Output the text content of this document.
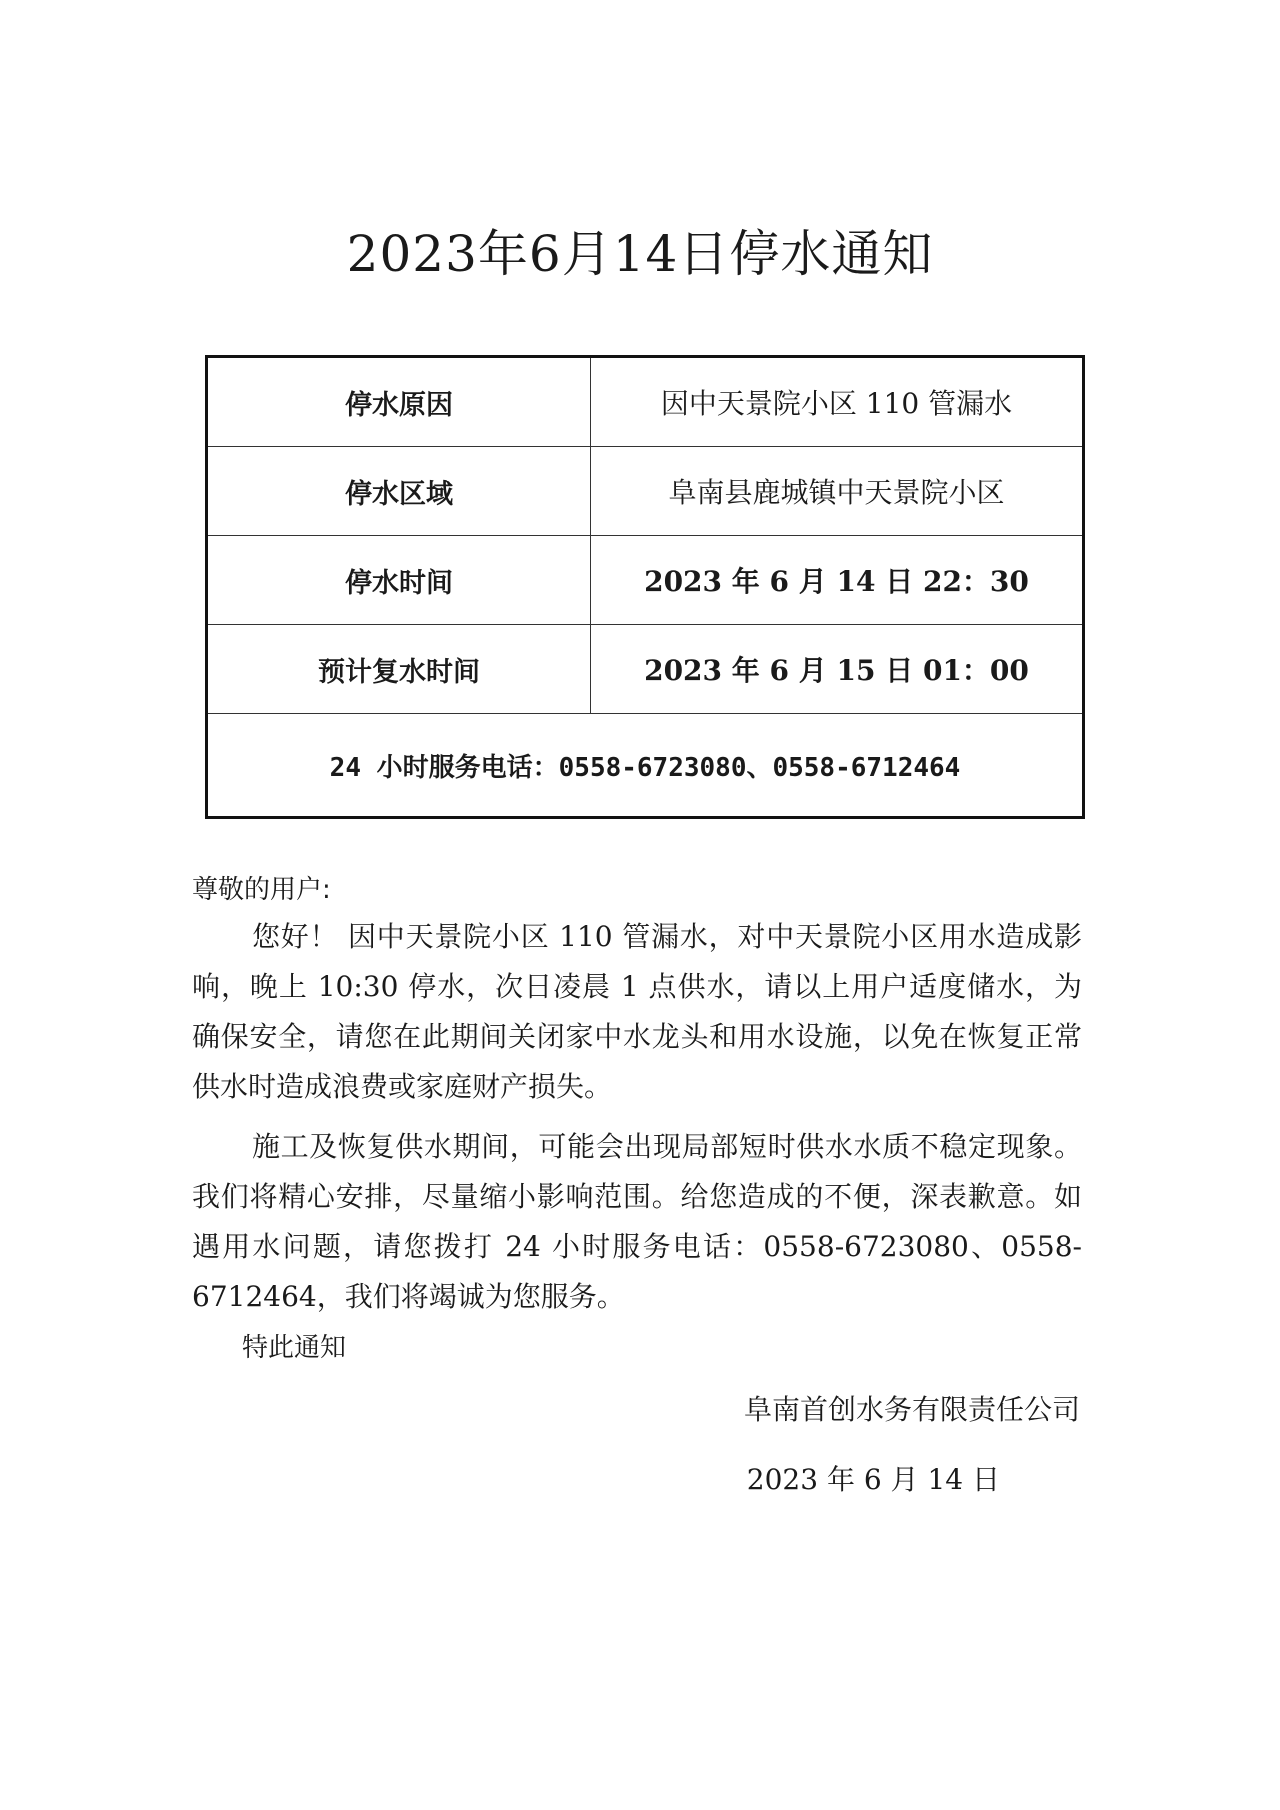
2023年6月14日停水通知
停水原因	因中天景院小区 110 管漏水
停水区域	阜南县鹿城镇中天景院小区
停水时间	2023 年 6 月 14 日 22：30
预计复水时间	2023 年 6 月 15 日 01：00
24 小时服务电话：0558-6723080、0558-6712464	
尊敬的用户:

您好！ 因中天景院小区 110 管漏水，对中天景院小区用水造成影响，晚上 10:30 停水，次日凌晨 1 点供水，请以上用户适度储水，为确保安全，请您在此期间关闭家中水龙头和用水设施，以免在恢复正常供水时造成浪费或家庭财产损失。

施工及恢复供水期间，可能会出现局部短时供水水质不稳定现象。我们将精心安排，尽量缩小影响范围。给您造成的不便，深表歉意。如遇用水问题，请您拨打 24 小时服务电话：0558-6723080、0558-6712464，我们将竭诚为您服务。

特此通知
阜南首创水务有限责任公司
2023 年 6 月 14 日
